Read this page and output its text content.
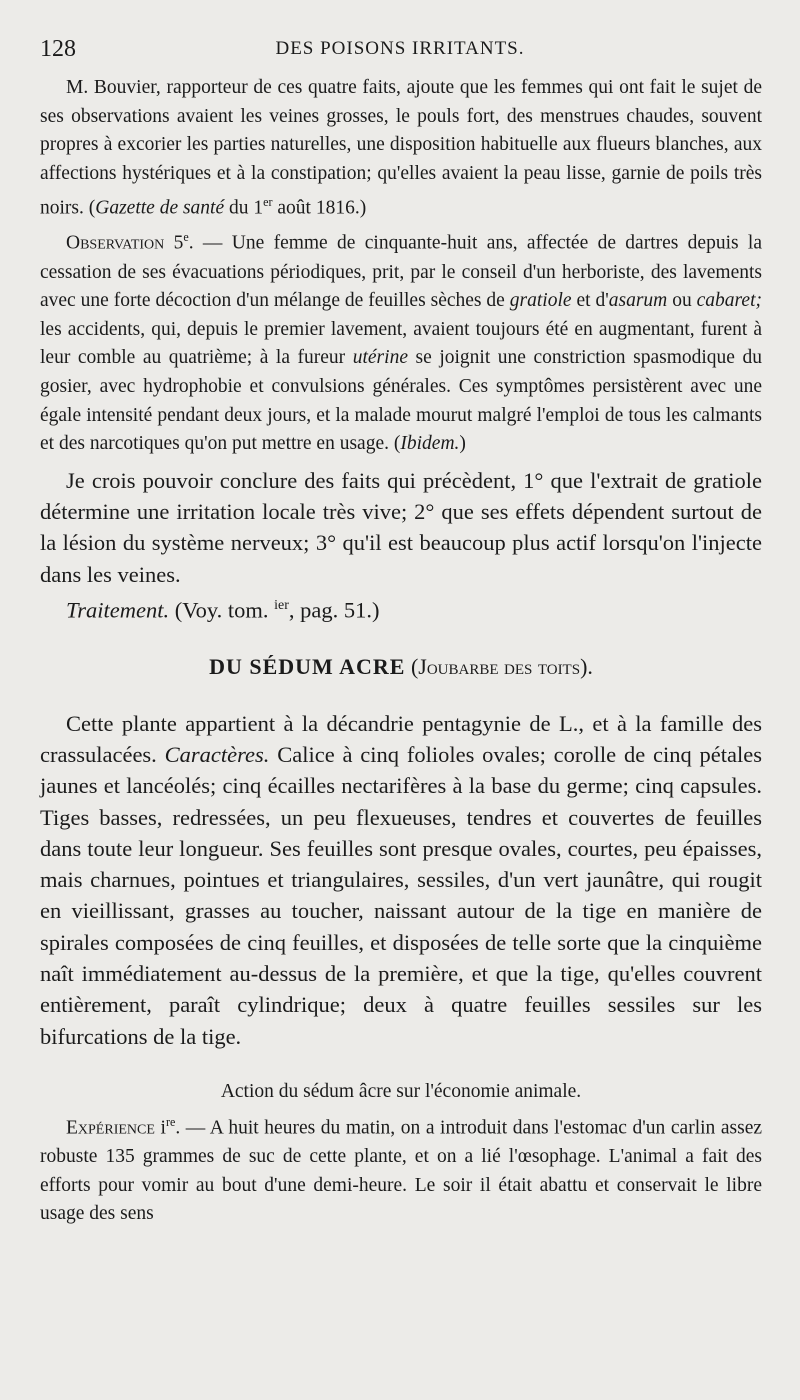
128	DES POISONS IRRITANTS.

M. Bouvier, rapporteur de ces quatre faits, ajoute que les femmes qui ont fait le sujet de ses observations avaient les veines grosses, le pouls fort, des menstrues chaudes, souvent propres à excorier les parties naturelles, une disposition habituelle aux flueurs blanches, aux affections hystériques et à la constipation; qu'elles avaient la peau lisse, garnie de poils très noirs. (Gazette de santé du 1er août 1816.)

Observation 5e. — Une femme de cinquante-huit ans, affectée de dartres depuis la cessation de ses évacuations périodiques, prit, par le conseil d'un herboriste, des lavements avec une forte décoction d'un mélange de feuilles sèches de gratiole et d'asarum ou cabaret; les accidents, qui, depuis le premier lavement, avaient toujours été en augmentant, furent à leur comble au quatrième; à la fureur utérine se joignit une constriction spasmodique du gosier, avec hydrophobie et convulsions générales. Ces symptômes persistèrent avec une égale intensité pendant deux jours, et la malade mourut malgré l'emploi de tous les calmants et des narcotiques qu'on put mettre en usage. (Ibidem.)

Je crois pouvoir conclure des faits qui précèdent, 1° que l'extrait de gratiole détermine une irritation locale très vive; 2° que ses effets dépendent surtout de la lésion du système nerveux; 3° qu'il est beaucoup plus actif lorsqu'on l'injecte dans les veines.

Traitement. (Voy. tom. $^{ier}$, pag. 51.)

DU SÉDUM ACRE (Joubarbe des toits).

Cette plante appartient à la décandrie pentagynie de L., et à la famille des crassulacées. Caractères. Calice à cinq folioles ovales; corolle de cinq pétales jaunes et lancéolés; cinq écailles nectarifères à la base du germe; cinq capsules. Tiges basses, redressées, un peu flexueuses, tendres et couvertes de feuilles dans toute leur longueur. Ses feuilles sont presque ovales, courtes, peu épaisses, mais charnues, pointues et triangulaires, sessiles, d'un vert jaunâtre, qui rougit en vieillissant, grasses au toucher, naissant autour de la tige en manière de spirales composées de cinq feuilles, et disposées de telle sorte que la cinquième naît immédiatement au-dessus de la première, et que la tige, qu'elles couvrent entièrement, paraît cylindrique; deux à quatre feuilles sessiles sur les bifurcations de la tige.

Action du sédum âcre sur l'économie animale.

Expérience $i^{re}$. — A huit heures du matin, on a introduit dans l'estomac d'un carlin assez robuste 135 grammes de suc de cette plante, et on a lié l'œsophage. L'animal a fait des efforts pour vomir au bout d'une demi-heure. Le soir il était abattu et conservait le libre usage des sens
